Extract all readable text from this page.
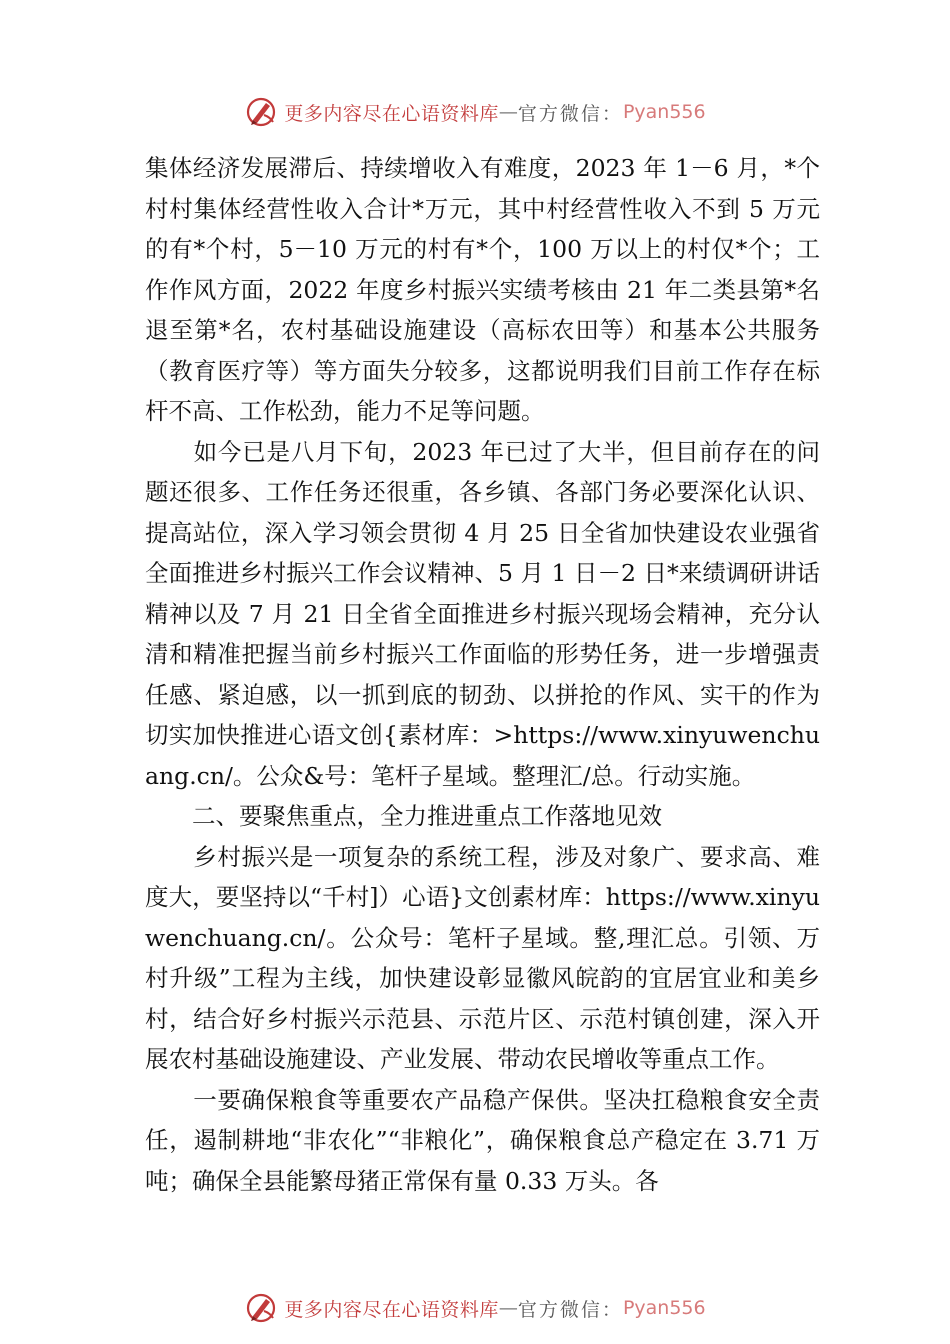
更多内容尽在心语资料库 — 官方微信： Pyan556

集体经济发展滞后、持续增收入有难度，2023 年 1－6 月，*个村村集体经营性收入合计*万元，其中村经营性收入不到 5 万元的有*个村，5－10 万元的村有*个，100 万以上的村仅*个；工作作风方面，2022 年度乡村振兴实绩考核由 21 年二类县第*名退至第*名，农村基础设施建设（高标农田等）和基本公共服务（教育医疗等）等方面失分较多，这都说明我们目前工作存在标杆不高、工作松劲，能力不足等问题。

　　如今已是八月下旬，2023 年已过了大半，但目前存在的问题还很多、工作任务还很重，各乡镇、各部门务必要深化认识、提高站位，深入学习领会贯彻 4 月 25 日全省加快建设农业强省全面推进乡村振兴工作会议精神、5 月 1 日－2 日*来绩调研讲话精神以及 7 月 21 日全省全面推进乡村振兴现场会精神，充分认清和精准把握当前乡村振兴工作面临的形势任务，进一步增强责任感、紧迫感，以一抓到底的韧劲、以拼抢的作风、实干的作为切实加快推进心语文创{素材库：>https://www.xinyuwenchuang.cn/。公众&号：笔杆子星域。整理汇/总。行动实施。

　　二、要聚焦重点，全力推进重点工作落地见效

　　乡村振兴是一项复杂的系统工程，涉及对象广、要求高、难度大，要坚持以“千村]）心语}文创素材库：https://www.xinyuwenchuang.cn/。公众号：笔杆子星域。整,理汇总。引领、万村升级”工程为主线，加快建设彰显徽风皖韵的宜居宜业和美乡村，结合好乡村振兴示范县、示范片区、示范村镇创建，深入开展农村基础设施建设、产业发展、带动农民增收等重点工作。

　　一要确保粮食等重要农产品稳产保供。坚决扛稳粮食安全责任，遏制耕地“非农化”“非粮化”，确保粮食总产稳定在 3.71 万吨；确保全县能繁母猪正常保有量 0.33 万头。各

更多内容尽在心语资料库 — 官方微信： Pyan556
